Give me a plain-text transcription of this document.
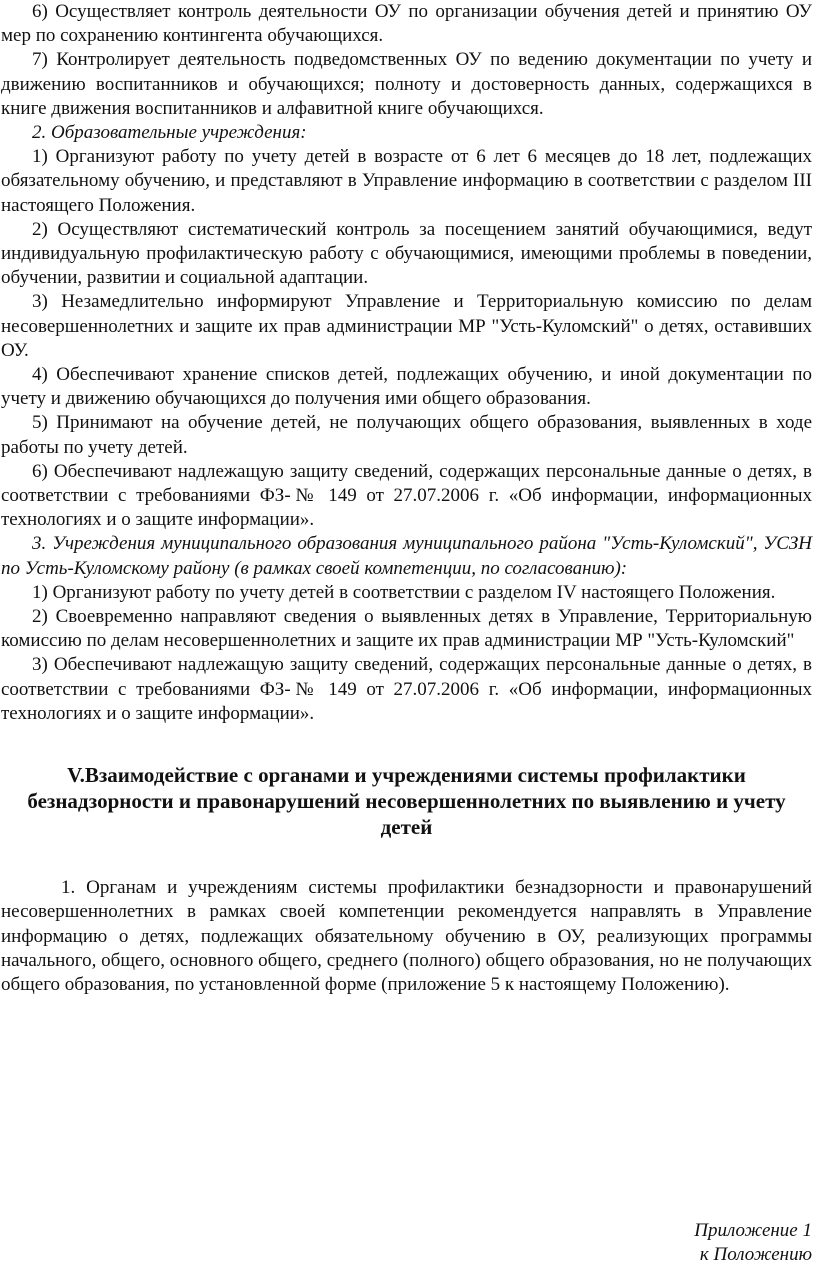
6) Осуществляет контроль деятельности ОУ по организации обучения детей и принятию ОУ мер по сохранению контингента обучающихся.

7) Контролирует деятельность подведомственных ОУ по ведению документации по учету и движению воспитанников и обучающихся; полноту и достоверность данных, содержащихся в книге движения воспитанников и алфавитной книге обучающихся.

2. Образовательные учреждения:

1) Организуют работу по учету детей в возрасте от 6 лет 6 месяцев до 18 лет, подлежащих обязательному обучению, и представляют в Управление информацию в соответствии с разделом III настоящего Положения.

2) Осуществляют систематический контроль за посещением занятий обучающимися, ведут индивидуальную профилактическую работу с обучающимися, имеющими проблемы в поведении, обучении, развитии и социальной адаптации.

3) Незамедлительно информируют Управление и Территориальную комиссию по делам несовершеннолетних и защите их прав администрации МР "Усть-Куломский" о детях, оставивших ОУ.

4) Обеспечивают хранение списков детей, подлежащих обучению, и иной документации по учету и движению обучающихся до получения ими общего образования.

5) Принимают на обучение детей, не получающих общего образования, выявленных в ходе работы по учету детей.

6) Обеспечивают надлежащую защиту сведений, содержащих персональные данные о детях, в соответствии с требованиями ФЗ-№ 149 от 27.07.2006 г. «Об информации, информационных технологиях и о защите информации».

3. Учреждения муниципального образования муниципального района "Усть-Куломский", УСЗН по Усть-Куломскому району (в рамках своей компетенции, по согласованию):

1) Организуют работу по учету детей в соответствии с разделом IV настоящего Положения.

2) Своевременно направляют сведения о выявленных детях в Управление, Территориальную комиссию по делам несовершеннолетних и защите их прав администрации МР "Усть-Куломский"

3) Обеспечивают надлежащую защиту сведений, содержащих персональные данные о детях, в соответствии с требованиями ФЗ-№ 149 от 27.07.2006 г. «Об информации, информационных технологиях и о защите информации».

V.Взаимодействие с органами и учреждениями системы профилактики безнадзорности и правонарушений несовершеннолетних по выявлению и учету детей

1. Органам и учреждениям системы профилактики безнадзорности и правонарушений несовершеннолетних в рамках своей компетенции рекомендуется направлять в Управление информацию о детях, подлежащих обязательному обучению в ОУ, реализующих программы начального, общего, основного общего, среднего (полного) общего образования, но не получающих общего образования, по установленной форме (приложение 5 к настоящему Положению).

Приложение 1
к Положению
